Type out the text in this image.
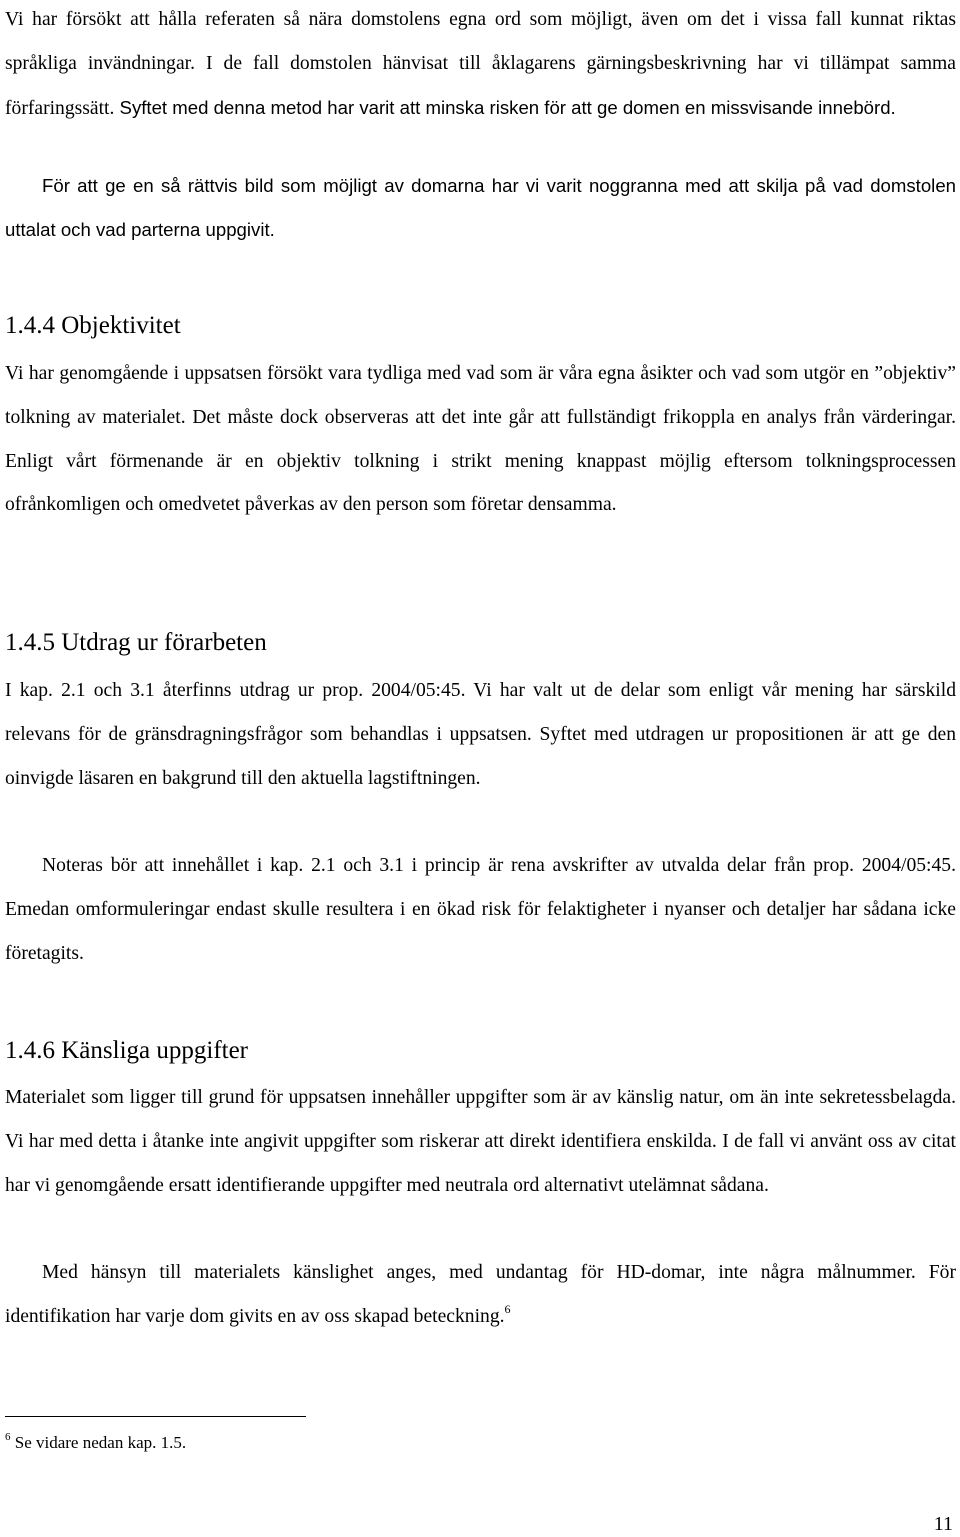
Vi har försökt att hålla referaten så nära domstolens egna ord som möjligt, även om det i vissa fall kunnat riktas språkliga invändningar. I de fall domstolen hänvisat till åklagarens gärningsbeskrivning har vi tillämpat samma förfaringssätt. Syftet med denna metod har varit att minska risken för att ge domen en missvisande innebörd.

För att ge en så rättvis bild som möjligt av domarna har vi varit noggranna med att skilja på vad domstolen uttalat och vad parterna uppgivit.

1.4.4 Objektivitet

Vi har genomgående i uppsatsen försökt vara tydliga med vad som är våra egna åsikter och vad som utgör en ”objektiv” tolkning av materialet. Det måste dock observeras att det inte går att fullständigt frikoppla en analys från värderingar. Enligt vårt förmenande är en objektiv tolkning i strikt mening knappast möjlig eftersom tolkningsprocessen ofrånkomligen och omedvetet påverkas av den person som företar densamma.

1.4.5 Utdrag ur förarbeten

I kap. 2.1 och 3.1 återfinns utdrag ur prop. 2004/05:45. Vi har valt ut de delar som enligt vår mening har särskild relevans för de gränsdragningsfrågor som behandlas i uppsatsen. Syftet med utdragen ur propositionen är att ge den oinvigde läsaren en bakgrund till den aktuella lagstiftningen.

Noteras bör att innehållet i kap. 2.1 och 3.1 i princip är rena avskrifter av utvalda delar från prop. 2004/05:45. Emedan omformuleringar endast skulle resultera i en ökad risk för felaktigheter i nyanser och detaljer har sådana icke företagits.

1.4.6 Känsliga uppgifter

Materialet som ligger till grund för uppsatsen innehåller uppgifter som är av känslig natur, om än inte sekretessbelagda. Vi har med detta i åtanke inte angivit uppgifter som riskerar att direkt identifiera enskilda. I de fall vi använt oss av citat har vi genomgående ersatt identifierande uppgifter med neutrala ord alternativt utelämnat sådana.

Med hänsyn till materialets känslighet anges, med undantag för HD-domar, inte några målnummer. För identifikation har varje dom givits en av oss skapad beteckning.$^6$

$^6$ Se vidare nedan kap. 1.5.
11
